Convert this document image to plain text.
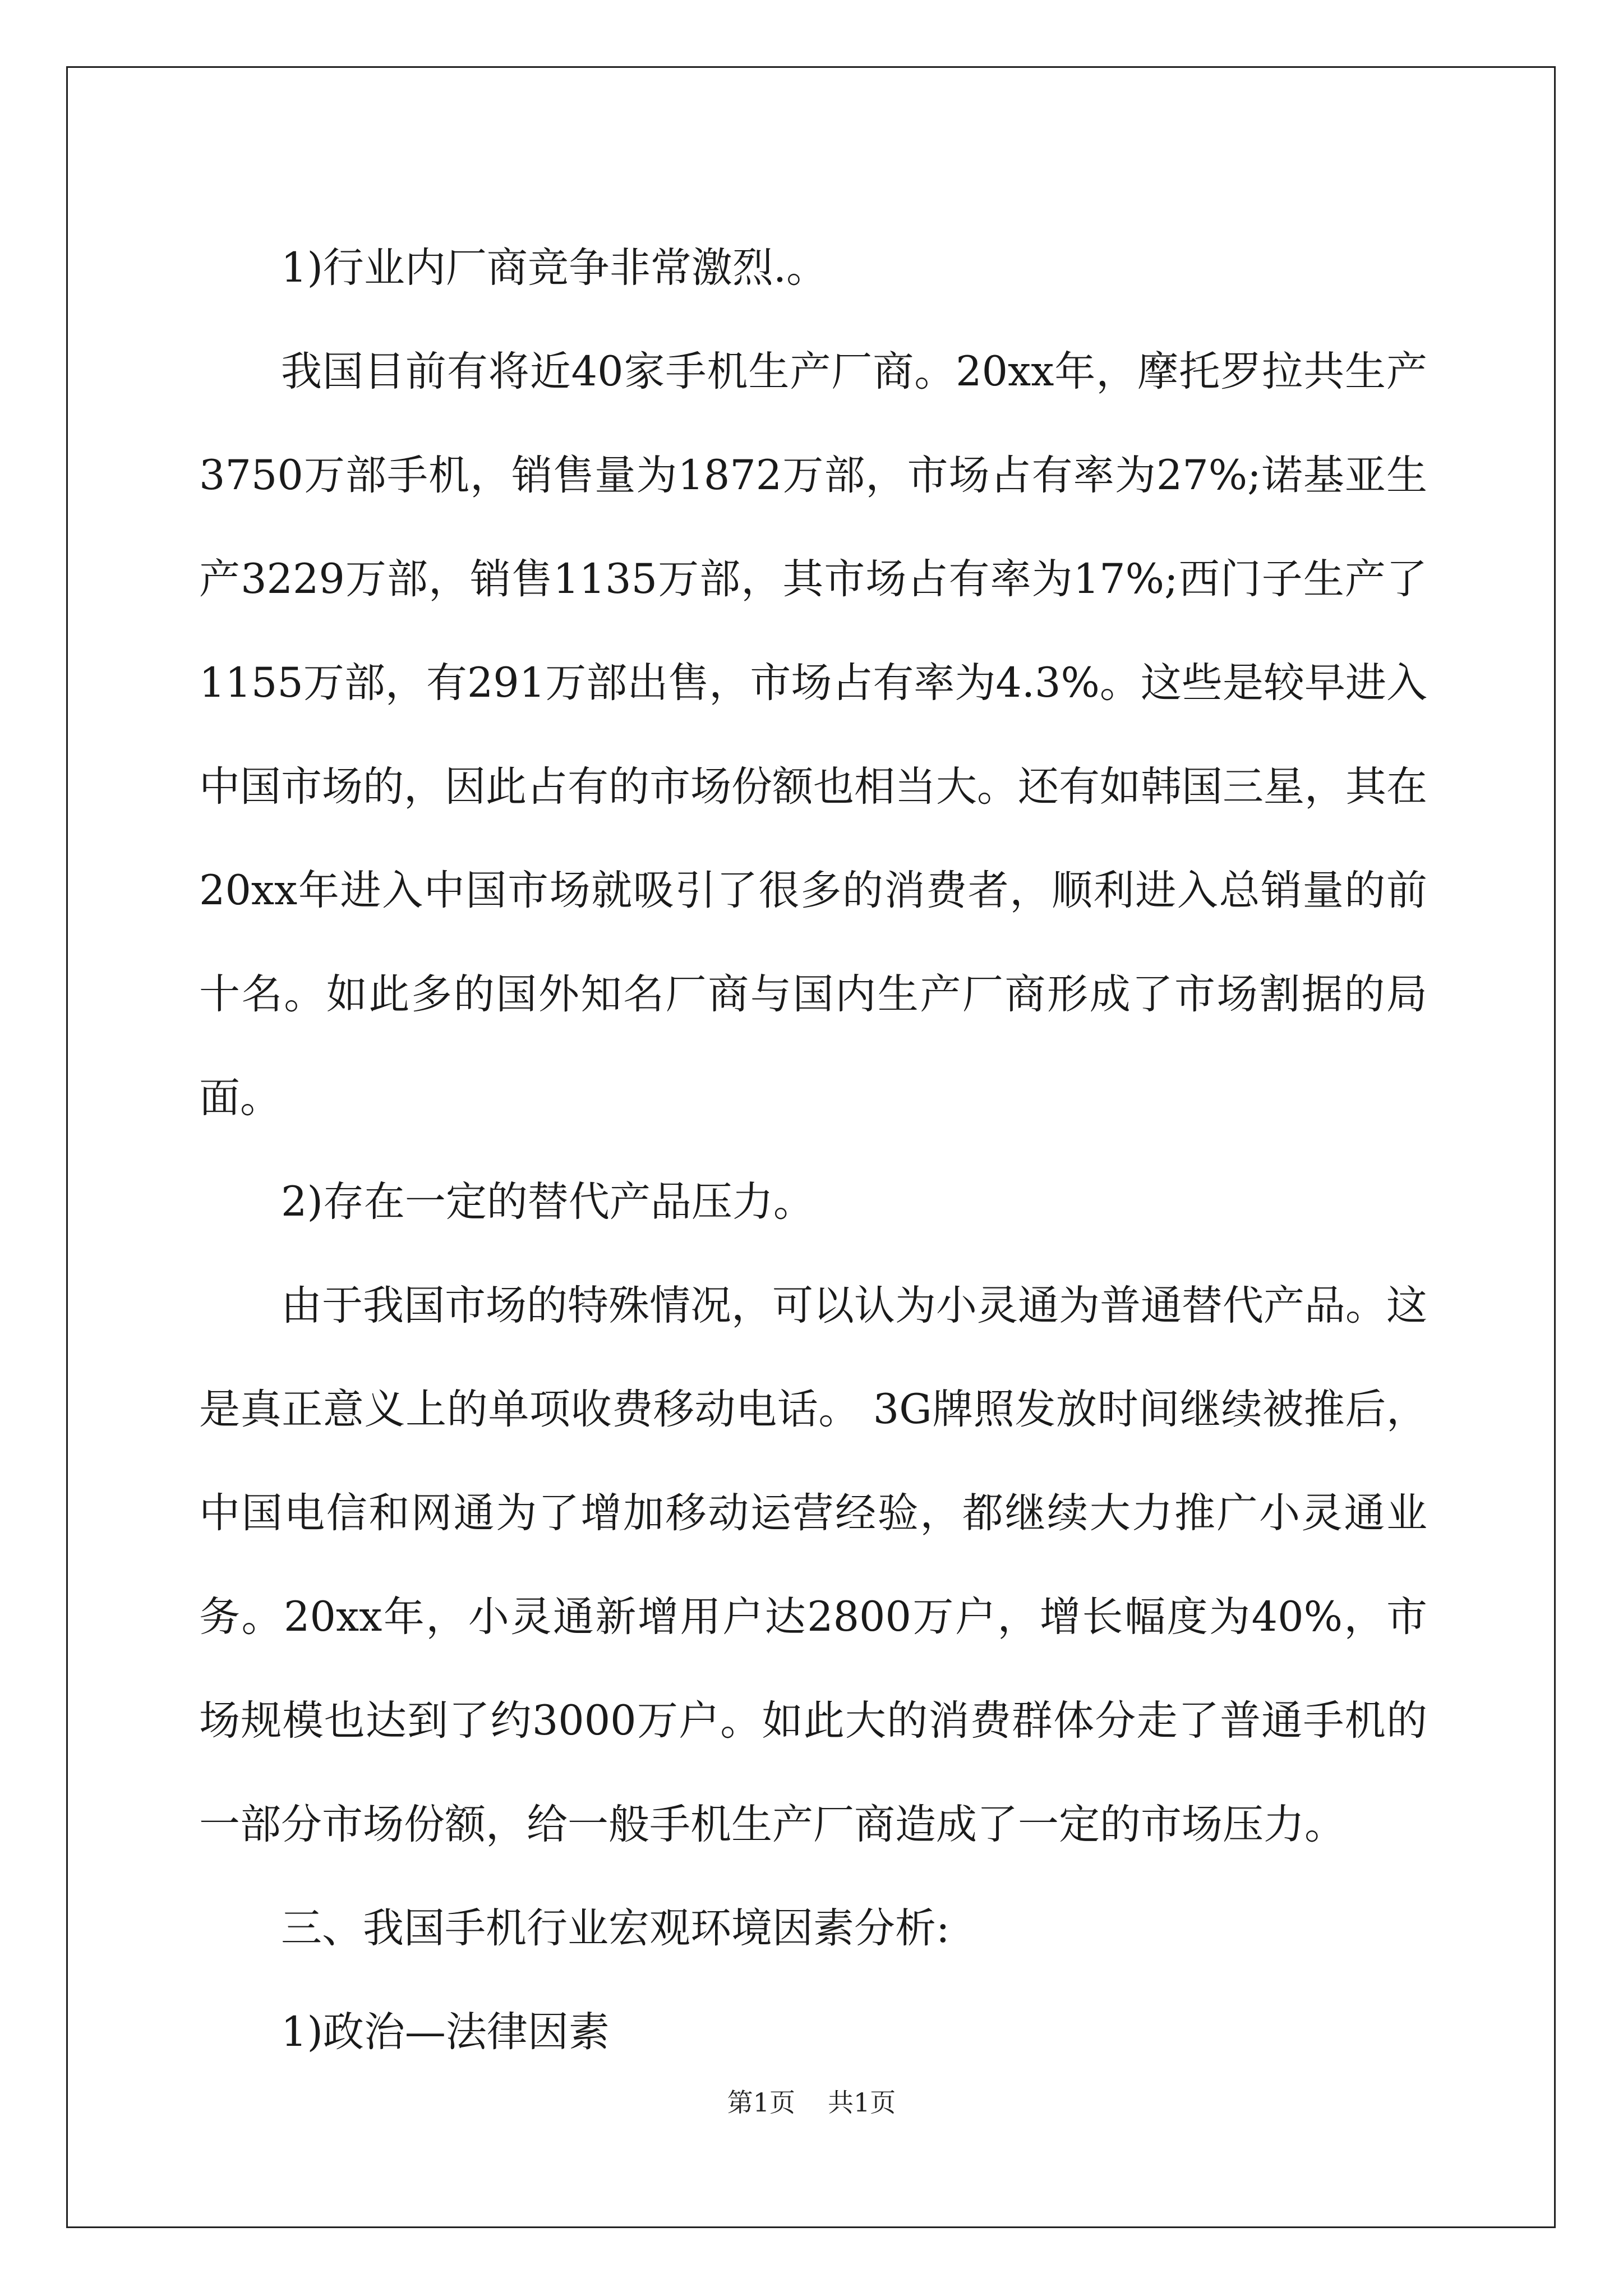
1)行业内厂商竞争非常激烈.。

我国目前有将近40家手机生产厂商。20xx年，摩托罗拉共生产3750万部手机，销售量为1872万部，市场占有率为27%;诺基亚生产3229万部，销售1135万部，其市场占有率为17%;西门子生产了1155万部，有291万部出售，市场占有率为4.3%。这些是较早进入中国市场的，因此占有的市场份额也相当大。还有如韩国三星，其在20xx年进入中国市场就吸引了很多的消费者，顺利进入总销量的前十名。如此多的国外知名厂商与国内生产厂商形成了市场割据的局面。

2)存在一定的替代产品压力。

由于我国市场的特殊情况，可以认为小灵通为普通替代产品。这是真正意义上的单项收费移动电话。 3G牌照发放时间继续被推后，中国电信和网通为了增加移动运营经验，都继续大力推广小灵通业务。20xx年，小灵通新增用户达2800万户，增长幅度为40%，市场规模也达到了约3000万户。如此大的消费群体分走了普通手机的一部分市场份额，给一般手机生产厂商造成了一定的市场压力。

三、我国手机行业宏观环境因素分析:

1)政治—法律因素

第1页 共1页
